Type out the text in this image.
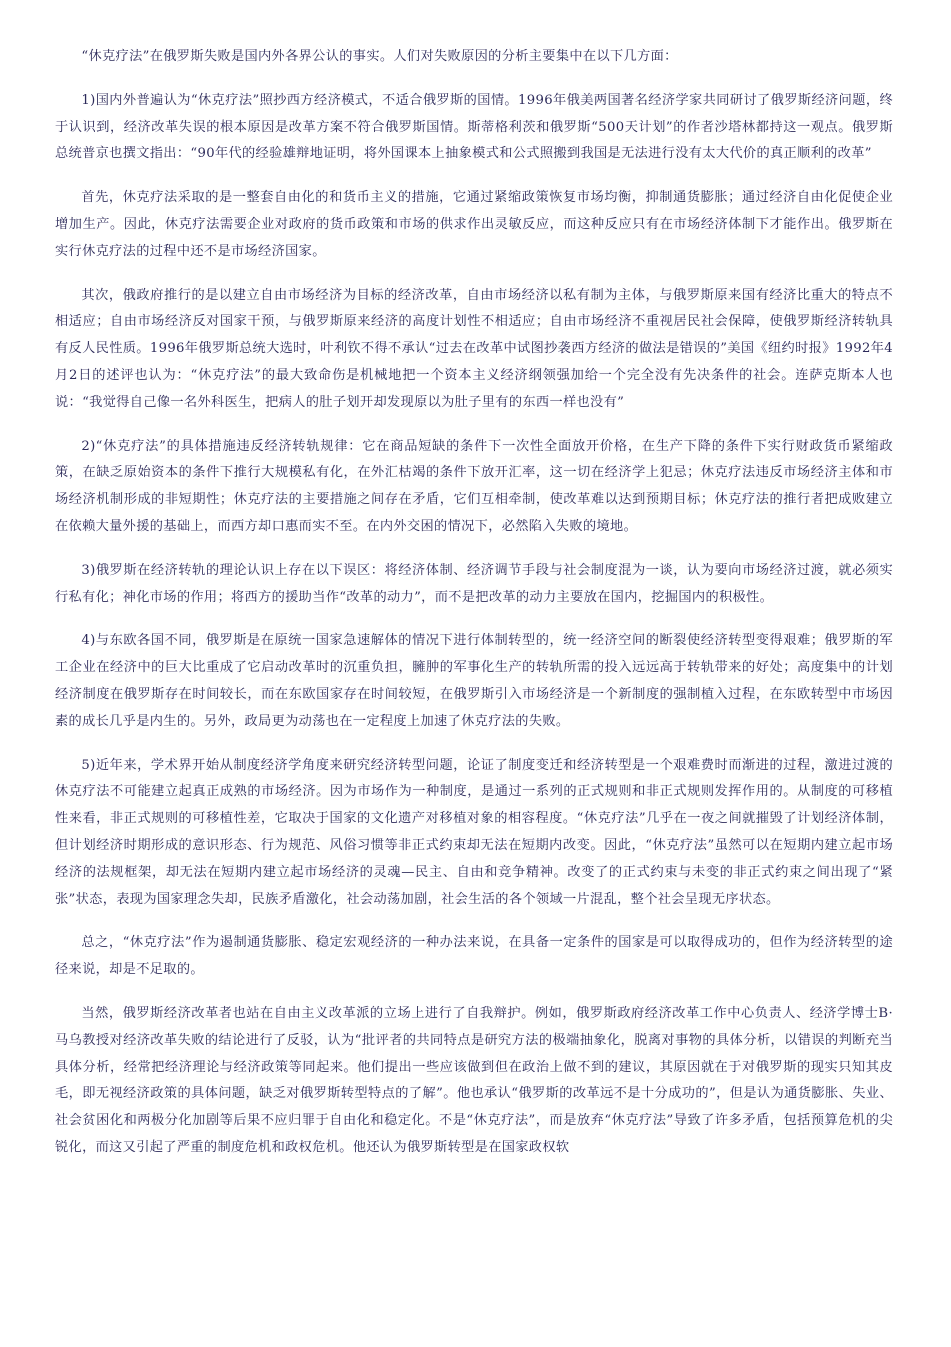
“休克疗法”在俄罗斯失败是国内外各界公认的事实。人们对失败原因的分析主要集中在以下几方面：

1)国内外普遍认为“休克疗法”照抄西方经济模式，不适合俄罗斯的国情。1996年俄美两国著名经济学家共同研讨了俄罗斯经济问题，终于认识到，经济改革失误的根本原因是改革方案不符合俄罗斯国情。斯蒂格利茨和俄罗斯“500天计划”的作者沙塔林都持这一观点。俄罗斯总统普京也撰文指出：“90年代的经验雄辩地证明，将外国课本上抽象模式和公式照搬到我国是无法进行没有太大代价的真正顺利的改革”

首先，休克疗法采取的是一整套自由化的和货币主义的措施，它通过紧缩政策恢复市场均衡，抑制通货膨胀；通过经济自由化促使企业增加生产。因此，休克疗法需要企业对政府的货币政策和市场的供求作出灵敏反应，而这种反应只有在市场经济体制下才能作出。俄罗斯在实行休克疗法的过程中还不是市场经济国家。

其次，俄政府推行的是以建立自由市场经济为目标的经济改革，自由市场经济以私有制为主体，与俄罗斯原来国有经济比重大的特点不相适应；自由市场经济反对国家干预，与俄罗斯原来经济的高度计划性不相适应；自由市场经济不重视居民社会保障，使俄罗斯经济转轨具有反人民性质。1996年俄罗斯总统大选时，叶利钦不得不承认“过去在改革中试图抄袭西方经济的做法是错误的”美国《纽约时报》1992年4月2日的述评也认为：“休克疗法”的最大致命伤是机械地把一个资本主义经济纲领强加给一个完全没有先决条件的社会。连萨克斯本人也说：“我觉得自己像一名外科医生，把病人的肚子划开却发现原以为肚子里有的东西一样也没有”

2)“休克疗法”的具体措施违反经济转轨规律：它在商品短缺的条件下一次性全面放开价格，在生产下降的条件下实行财政货币紧缩政策，在缺乏原始资本的条件下推行大规模私有化，在外汇枯竭的条件下放开汇率，这一切在经济学上犯忌；休克疗法违反市场经济主体和市场经济机制形成的非短期性；休克疗法的主要措施之间存在矛盾，它们互相牵制，使改革难以达到预期目标；休克疗法的推行者把成败建立在依赖大量外援的基础上，而西方却口惠而实不至。在内外交困的情况下，必然陷入失败的境地。

3)俄罗斯在经济转轨的理论认识上存在以下误区：将经济体制、经济调节手段与社会制度混为一谈，认为要向市场经济过渡，就必须实行私有化；神化市场的作用；将西方的援助当作“改革的动力”，而不是把改革的动力主要放在国内，挖掘国内的积极性。

4)与东欧各国不同，俄罗斯是在原统一国家急速解体的情况下进行体制转型的，统一经济空间的断裂使经济转型变得艰难；俄罗斯的军工企业在经济中的巨大比重成了它启动改革时的沉重负担，臃肿的军事化生产的转轨所需的投入远远高于转轨带来的好处；高度集中的计划经济制度在俄罗斯存在时间较长，而在东欧国家存在时间较短，在俄罗斯引入市场经济是一个新制度的强制植入过程，在东欧转型中市场因素的成长几乎是内生的。另外，政局更为动荡也在一定程度上加速了休克疗法的失败。

5)近年来，学术界开始从制度经济学角度来研究经济转型问题，论证了制度变迁和经济转型是一个艰难费时而渐进的过程，激进过渡的休克疗法不可能建立起真正成熟的市场经济。因为市场作为一种制度，是通过一系列的正式规则和非正式规则发挥作用的。从制度的可移植性来看，非正式规则的可移植性差，它取决于国家的文化遗产对移植对象的相容程度。“休克疗法”几乎在一夜之间就摧毁了计划经济体制，但计划经济时期形成的意识形态、行为规范、风俗习惯等非正式约束却无法在短期内改变。因此，“休克疗法”虽然可以在短期内建立起市场经济的法规框架，却无法在短期内建立起市场经济的灵魂—民主、自由和竞争精神。改变了的正式约束与未变的非正式约束之间出现了“紧张”状态，表现为国家理念失却，民族矛盾激化，社会动荡加剧，社会生活的各个领域一片混乱，整个社会呈现无序状态。

总之，“休克疗法”作为遏制通货膨胀、稳定宏观经济的一种办法来说，在具备一定条件的国家是可以取得成功的，但作为经济转型的途径来说，却是不足取的。

当然，俄罗斯经济改革者也站在自由主义改革派的立场上进行了自我辩护。例如，俄罗斯政府经济改革工作中心负责人、经济学博士B·马乌教授对经济改革失败的结论进行了反驳，认为“批评者的共同特点是研究方法的极端抽象化，脱离对事物的具体分析，以错误的判断充当具体分析，经常把经济理论与经济政策等同起来。他们提出一些应该做到但在政治上做不到的建议，其原因就在于对俄罗斯的现实只知其皮毛，即无视经济政策的具体问题，缺乏对俄罗斯转型特点的了解”。他也承认“俄罗斯的改革远不是十分成功的”，但是认为通货膨胀、失业、社会贫困化和两极分化加剧等后果不应归罪于自由化和稳定化。不是“休克疗法”，而是放弃“休克疗法”导致了许多矛盾，包括预算危机的尖锐化，而这又引起了严重的制度危机和政权危机。他还认为俄罗斯转型是在国家政权软
